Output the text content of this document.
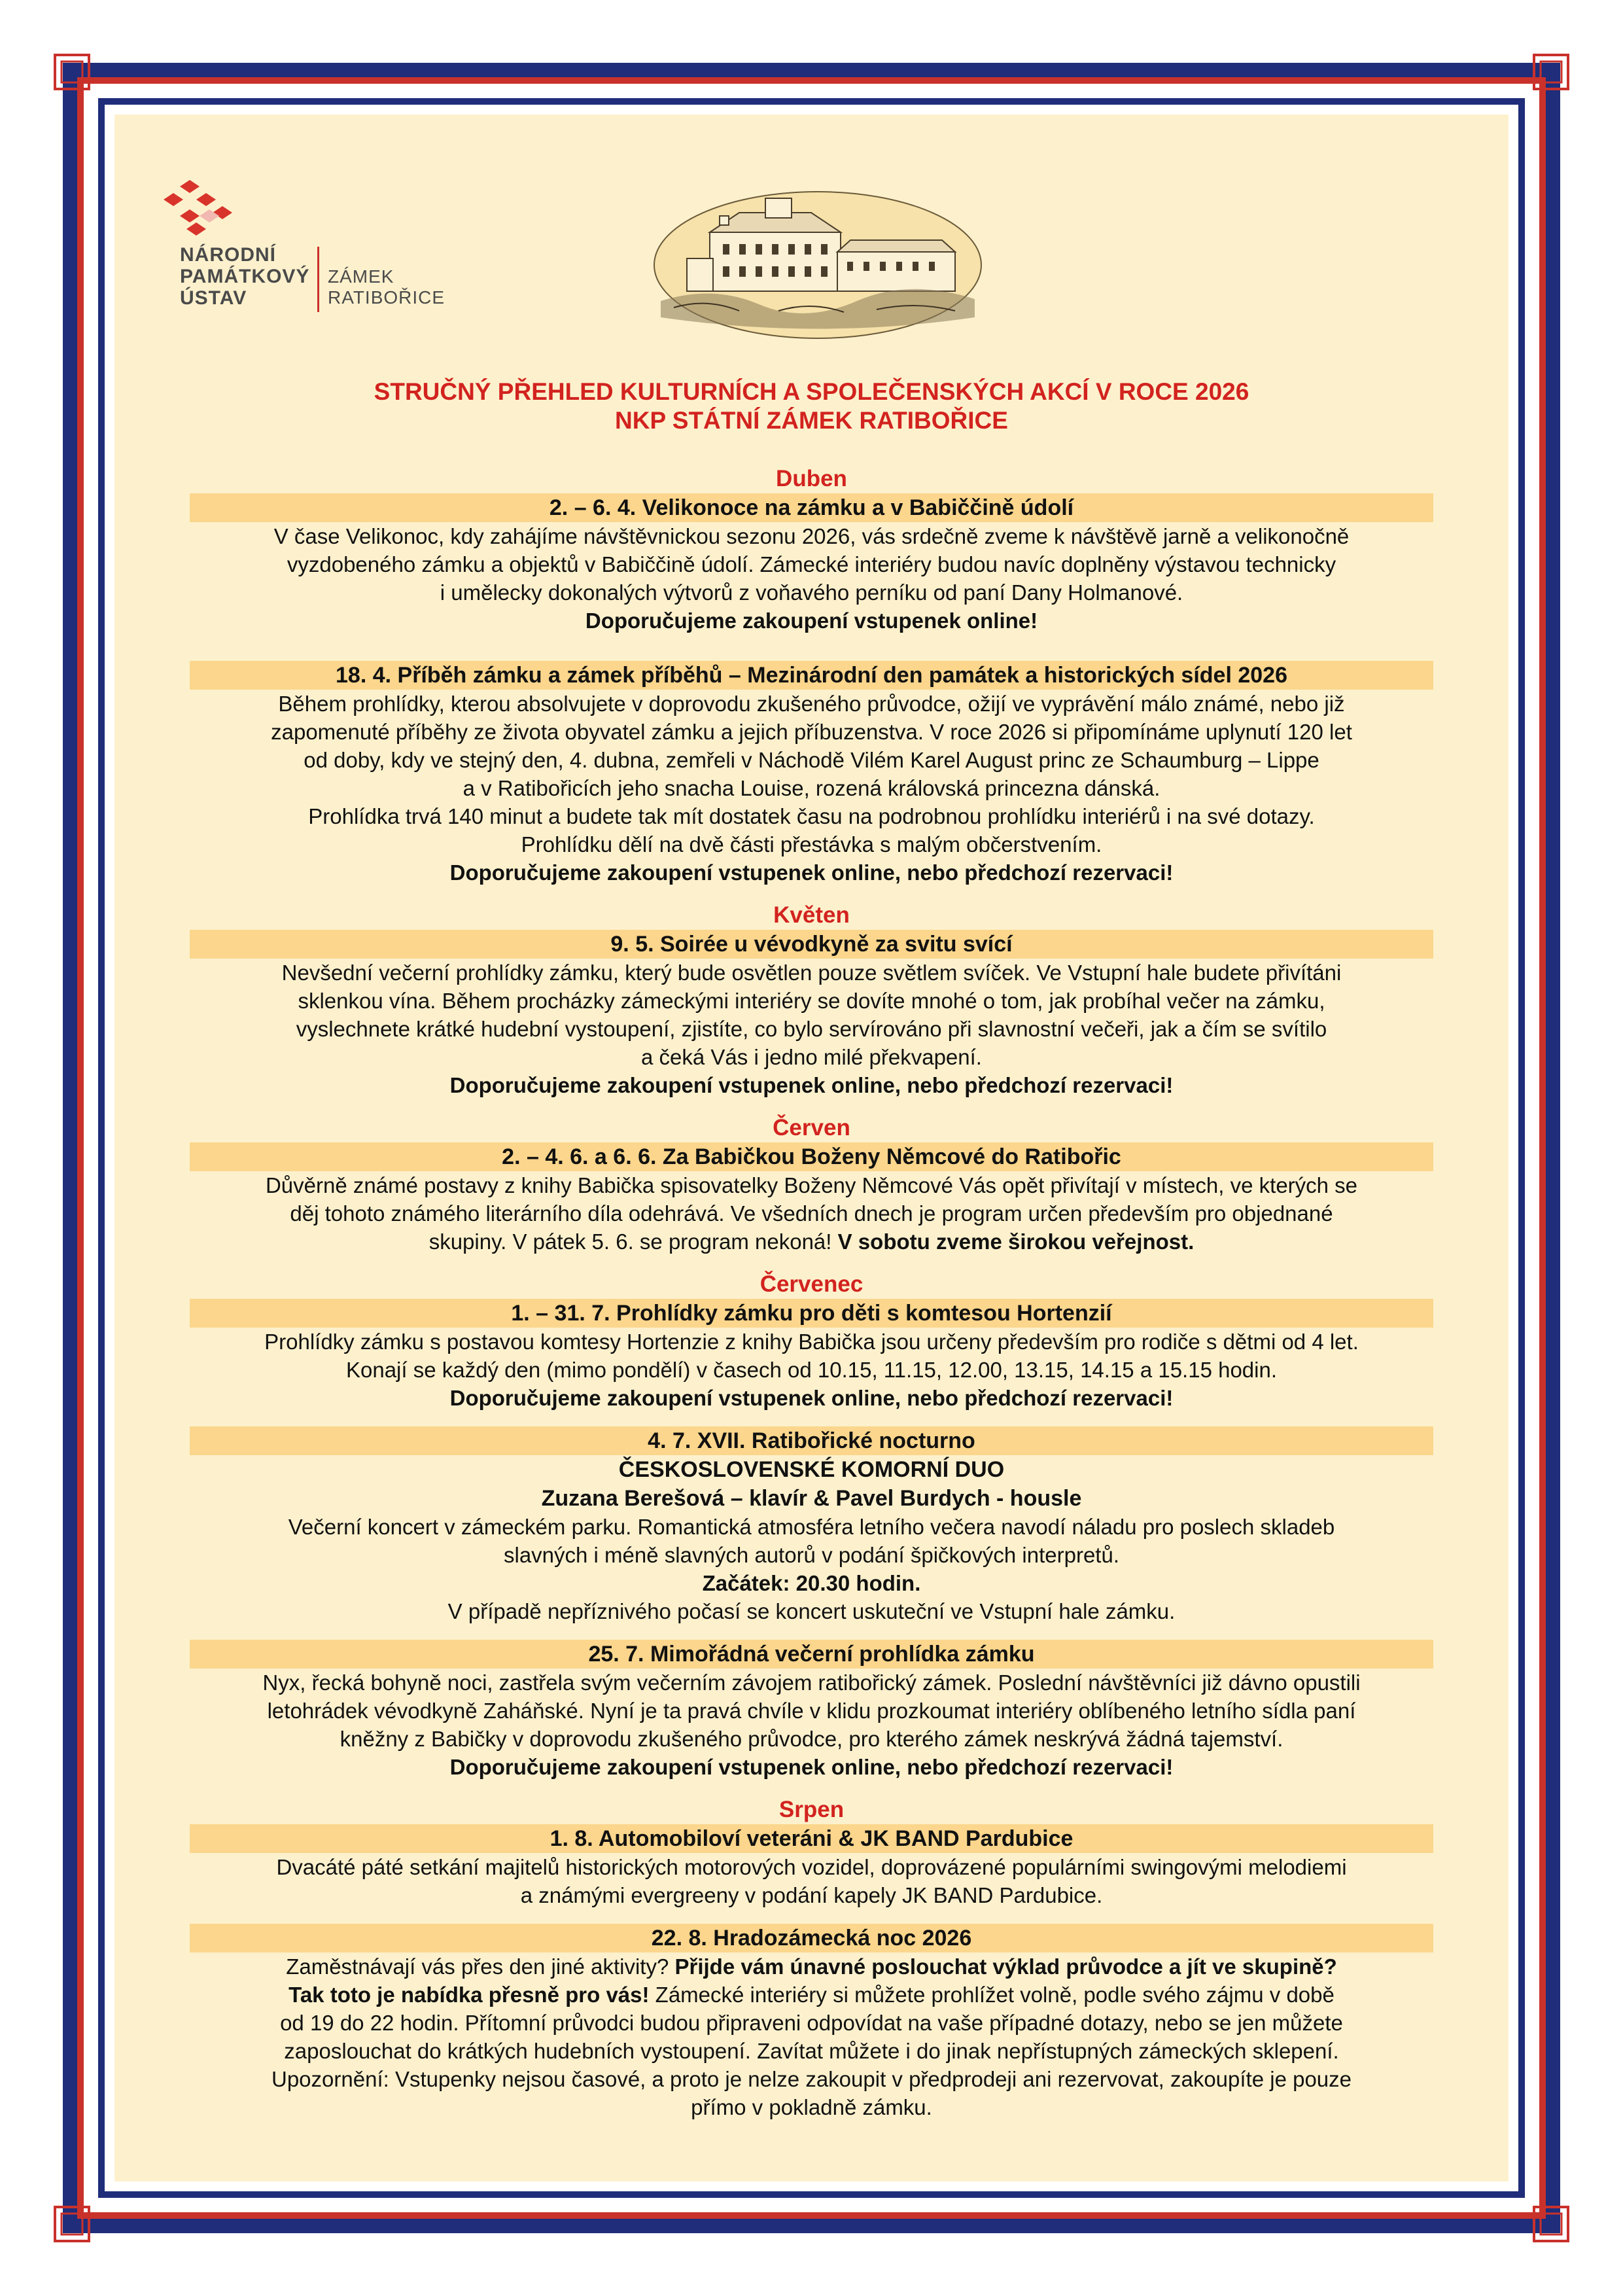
NÁRODNÍ
PAMÁTKOVÝ
ÚSTAV
ZÁMEK
RATIBOŘICE
STRUČNÝ PŘEHLED KULTURNÍCH A SPOLEČENSKÝCH AKCÍ V ROCE 2026
NKP STÁTNÍ ZÁMEK RATIBOŘICE
Duben
2. – 6. 4. Velikonoce na zámku a v Babiččině údolí
V čase Velikonoc, kdy zahájíme návštěvnickou sezonu 2026, vás srdečně zveme k návštěvě jarně a velikonočně
vyzdobeného zámku a objektů v Babiččině údolí. Zámecké interiéry budou navíc doplněny výstavou technicky
i umělecky dokonalých výtvorů z voňavého perníku od paní Dany Holmanové.
Doporučujeme zakoupení vstupenek online!
18. 4. Příběh zámku a zámek příběhů – Mezinárodní den památek a historických sídel 2026
Během prohlídky, kterou absolvujete v doprovodu zkušeného průvodce, ožijí ve vyprávění málo známé, nebo již
zapomenuté příběhy ze života obyvatel zámku a jejich příbuzenstva. V roce 2026 si připomínáme uplynutí 120 let
od doby, kdy ve stejný den, 4. dubna, zemřeli v Náchodě Vilém Karel August princ ze Schaumburg – Lippe
a v Ratibořicích jeho snacha Louise, rozená královská princezna dánská.
Prohlídka trvá 140 minut a budete tak mít dostatek času na podrobnou prohlídku interiérů i na své dotazy.
Prohlídku dělí na dvě části přestávka s malým občerstvením.
Doporučujeme zakoupení vstupenek online, nebo předchozí rezervaci!
Květen
9. 5. Soirée u vévodkyně za svitu svící
Nevšední večerní prohlídky zámku, který bude osvětlen pouze světlem svíček. Ve Vstupní hale budete přivítáni
sklenkou vína. Během procházky zámeckými interiéry se dovíte mnohé o tom, jak probíhal večer na zámku,
vyslechnete krátké hudební vystoupení, zjistíte, co bylo servírováno při slavnostní večeři, jak a čím se svítilo
a čeká Vás i jedno milé překvapení.
Doporučujeme zakoupení vstupenek online, nebo předchozí rezervaci!
Červen
2. – 4. 6. a 6. 6. Za Babičkou Boženy Němcové do Ratibořic
Důvěrně známé postavy z knihy Babička spisovatelky Boženy Němcové Vás opět přivítají v místech, ve kterých se
děj tohoto známého literárního díla odehrává. Ve všedních dnech je program určen především pro objednané
skupiny. V pátek 5. 6. se program nekoná! V sobotu zveme širokou veřejnost.
Červenec
1. – 31. 7. Prohlídky zámku pro děti s komtesou Hortenzií
Prohlídky zámku s postavou komtesy Hortenzie z knihy Babička jsou určeny především pro rodiče s dětmi od 4 let.
Konají se každý den (mimo pondělí) v časech od 10.15, 11.15, 12.00, 13.15, 14.15 a 15.15 hodin.
Doporučujeme zakoupení vstupenek online, nebo předchozí rezervaci!
4. 7. XVII. Ratibořické nocturno
ČESKOSLOVENSKÉ KOMORNÍ DUO
Zuzana Berešová – klavír & Pavel Burdych - housle
Večerní koncert v zámeckém parku. Romantická atmosféra letního večera navodí náladu pro poslech skladeb
slavných i méně slavných autorů v podání špičkových interpretů.
Začátek: 20.30 hodin.
V případě nepříznivého počasí se koncert uskuteční ve Vstupní hale zámku.
25. 7. Mimořádná večerní prohlídka zámku
Nyx, řecká bohyně noci, zastřela svým večerním závojem ratibořický zámek. Poslední návštěvníci již dávno opustili
letohrádek vévodkyně Zaháňské. Nyní je ta pravá chvíle v klidu prozkoumat interiéry oblíbeného letního sídla paní
kněžny z Babičky v doprovodu zkušeného průvodce, pro kterého zámek neskrývá žádná tajemství.
Doporučujeme zakoupení vstupenek online, nebo předchozí rezervaci!
Srpen
1. 8. Automobiloví veteráni & JK BAND Pardubice
Dvacáté páté setkání majitelů historických motorových vozidel, doprovázené populárními swingovými melodiemi
a známými evergreeny v podání kapely JK BAND Pardubice.
22. 8. Hradozámecká noc 2026
Zaměstnávají vás přes den jiné aktivity? Přijde vám únavné poslouchat výklad průvodce a jít ve skupině?
Tak toto je nabídka přesně pro vás! Zámecké interiéry si můžete prohlížet volně, podle svého zájmu v době
od 19 do 22 hodin. Přítomní průvodci budou připraveni odpovídat na vaše případné dotazy, nebo se jen můžete
zaposlouchat do krátkých hudebních vystoupení. Zavítat můžete i do jinak nepřístupných zámeckých sklepení.
Upozornění: Vstupenky nejsou časové, a proto je nelze zakoupit v předprodeji ani rezervovat, zakoupíte je pouze
přímo v pokladně zámku.
